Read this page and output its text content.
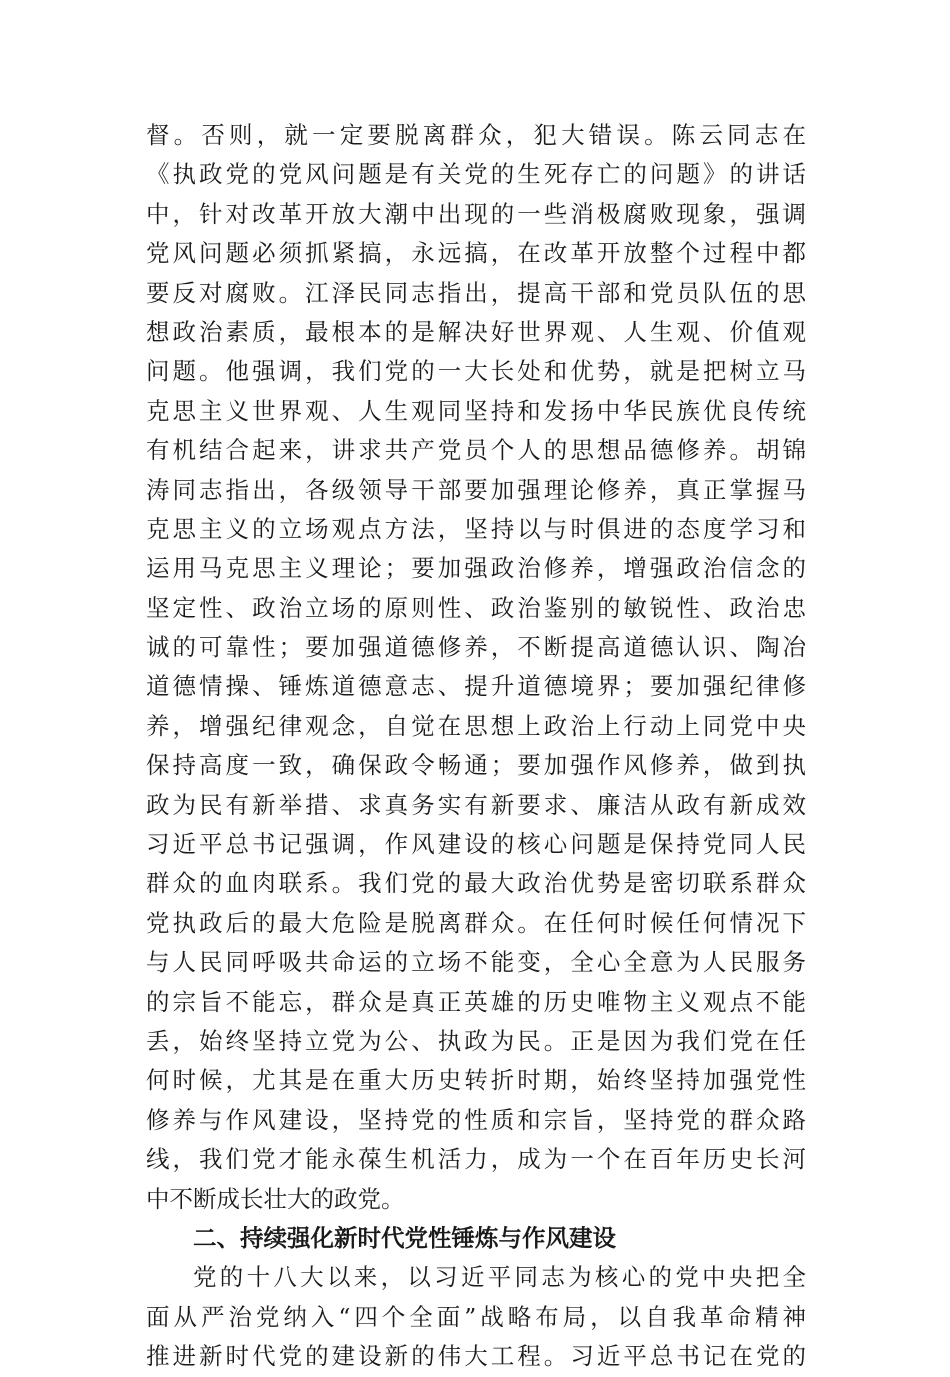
督。否则，就一定要脱离群众，犯大错误。陈云同志在
《执政党的党风问题是有关党的生死存亡的问题》的讲话
中，针对改革开放大潮中出现的一些消极腐败现象，强调
党风问题必须抓紧搞，永远搞，在改革开放整个过程中都
要反对腐败。江泽民同志指出，提高干部和党员队伍的思
想政治素质，最根本的是解决好世界观、人生观、价值观
问题。他强调，我们党的一大长处和优势，就是把树立马
克思主义世界观、人生观同坚持和发扬中华民族优良传统
有机结合起来，讲求共产党员个人的思想品德修养。胡锦
涛同志指出，各级领导干部要加强理论修养，真正掌握马
克思主义的立场观点方法，坚持以与时俱进的态度学习和
运用马克思主义理论；要加强政治修养，增强政治信念的
坚定性、政治立场的原则性、政治鉴别的敏锐性、政治忠
诚的可靠性；要加强道德修养，不断提高道德认识、陶冶
道德情操、锤炼道德意志、提升道德境界；要加强纪律修
养，增强纪律观念，自觉在思想上政治上行动上同党中央
保持高度一致，确保政令畅通；要加强作风修养，做到执
政为民有新举措、求真务实有新要求、廉洁从政有新成效
习近平总书记强调，作风建设的核心问题是保持党同人民
群众的血肉联系。我们党的最大政治优势是密切联系群众
党执政后的最大危险是脱离群众。在任何时候任何情况下
与人民同呼吸共命运的立场不能变，全心全意为人民服务
的宗旨不能忘，群众是真正英雄的历史唯物主义观点不能
丢，始终坚持立党为公、执政为民。正是因为我们党在任
何时候，尤其是在重大历史转折时期，始终坚持加强党性
修养与作风建设，坚持党的性质和宗旨，坚持党的群众路
线，我们党才能永葆生机活力，成为一个在百年历史长河
中不断成长壮大的政党。
二、持续强化新时代党性锤炼与作风建设
党的十八大以来，以习近平同志为核心的党中央把全
面从严治党纳入“四个全面”战略布局，以自我革命精神
推进新时代党的建设新的伟大工程。习近平总书记在党的
